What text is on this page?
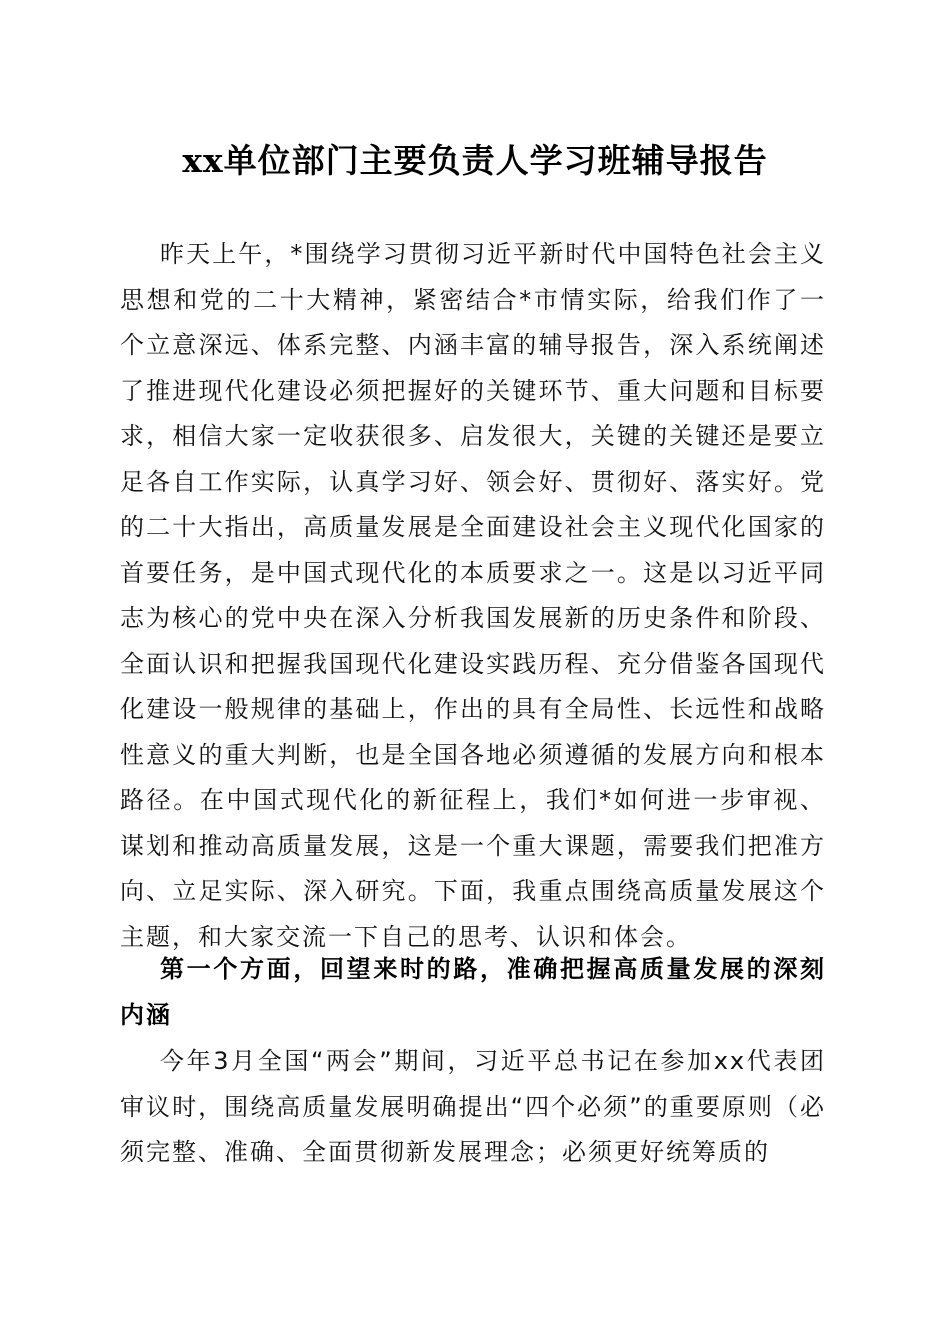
xx单位部门主要负责人学习班辅导报告

昨天上午，*围绕学习贯彻习近平新时代中国特色社会主义思想和党的二十大精神，紧密结合*市情实际，给我们作了一个立意深远、体系完整、内涵丰富的辅导报告，深入系统阐述了推进现代化建设必须把握好的关键环节、重大问题和目标要求，相信大家一定收获很多、启发很大，关键的关键还是要立足各自工作实际，认真学习好、领会好、贯彻好、落实好。党的二十大指出，高质量发展是全面建设社会主义现代化国家的首要任务，是中国式现代化的本质要求之一。这是以习近平同志为核心的党中央在深入分析我国发展新的历史条件和阶段、全面认识和把握我国现代化建设实践历程、充分借鉴各国现代化建设一般规律的基础上，作出的具有全局性、长远性和战略性意义的重大判断，也是全国各地必须遵循的发展方向和根本路径。在中国式现代化的新征程上，我们*如何进一步审视、谋划和推动高质量发展，这是一个重大课题，需要我们把准方向、立足实际、深入研究。下面，我重点围绕高质量发展这个主题，和大家交流一下自己的思考、认识和体会。

第一个方面，回望来时的路，准确把握高质量发展的深刻内涵

今年3月全国“两会”期间，习近平总书记在参加xx代表团审议时，围绕高质量发展明确提出“四个必须”的重要原则（必须完整、准确、全面贯彻新发展理念；必须更好统筹质的
